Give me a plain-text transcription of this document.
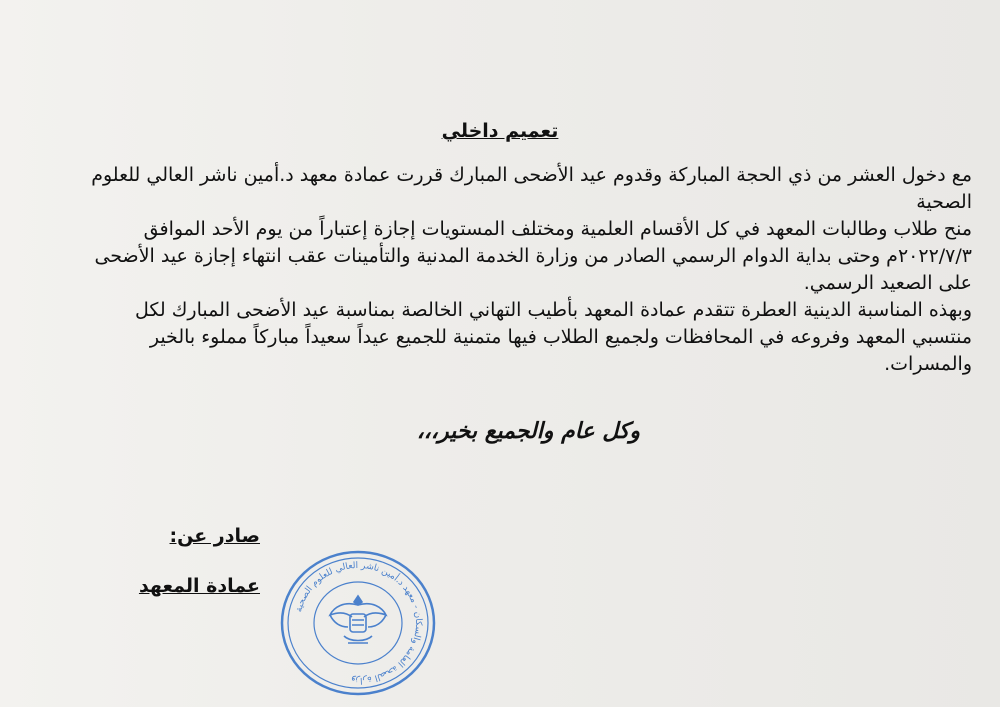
تعميم داخلي

مع دخول العشر من ذي الحجة المباركة وقدوم عيد الأضحى المبارك قررت عمادة معهد د.أمين ناشر العالي للعلوم الصحية

منح طلاب وطالبات المعهد في كل الأقسام العلمية ومختلف المستويات إجازة إعتباراً من يوم الأحد الموافق ٢٠٢٢/٧/٣م وحتى بداية الدوام الرسمي الصادر من وزارة الخدمة المدنية والتأمينات عقب انتهاء إجازة عيد الأضحى على الصعيد الرسمي.

وبهذه المناسبة الدينية العطرة تتقدم عمادة المعهد بأطيب التهاني الخالصة بمناسبة عيد الأضحى المبارك لكل منتسبي المعهد وفروعه في المحافظات ولجميع الطلاب فيها متمنية للجميع عيداً سعيداً مباركاً مملوء بالخير والمسرات.

وكل عام والجميع بخير،،،
صادر عن:
عمادة المعهد
وزارة الصحة العامة والسكان - معهد د.أمين ناشر العالي للعلوم الصحية
